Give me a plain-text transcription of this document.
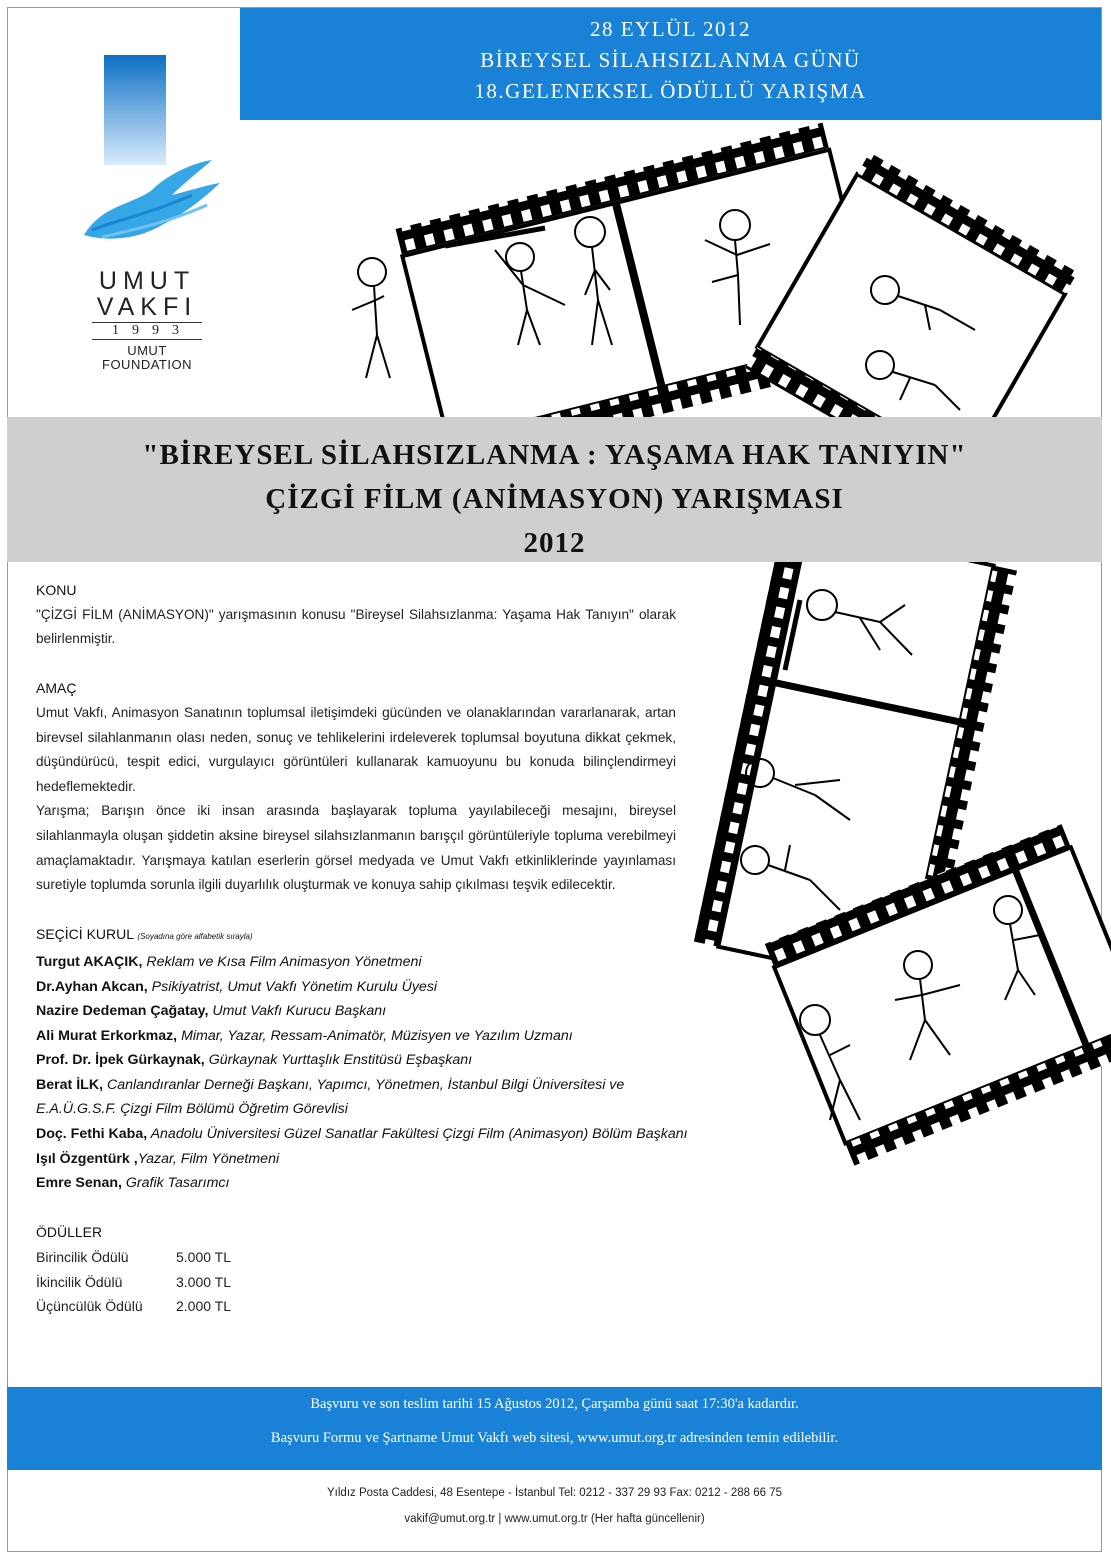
28 EYLÜL 2012
BİREYSEL SİLAHSIZLANMA GÜNÜ
18.GELENEKSEL ÖDÜLLÜ YARIŞMA
UMUT
VAKFI
1993
UMUT
FOUNDATION
"BİREYSEL SİLAHSIZLANMA : YAŞAMA HAK TANIYIN"
ÇİZGİ FİLM (ANİMASYON) YARIŞMASI
2012
KONU
"ÇİZGİ FİLM (ANİMASYON)" yarışmasının konusu "Bireysel Silahsızlanma: Yaşama Hak Tanıyın" olarak belirlenmiştir.
AMAÇ
Umut Vakfı, Animasyon Sanatının toplumsal iletişimdeki gücünden ve olanaklarından vararlanarak, artan birevsel silahlanmanın olası neden, sonuç ve tehlikelerini irdeleverek toplumsal boyutuna dikkat çekmek, düşündürücü, tespit edici, vurgulayıcı görüntüleri kullanarak kamuoyunu bu konuda bilinçlendirmeyi hedeflemektedir.
Yarışma; Barışın önce iki insan arasında başlayarak topluma yayılabileceği mesajını, bireysel silahlanmayla oluşan şiddetin aksine bireysel silahsızlanmanın barışçıl görüntüleriyle topluma verebilmeyi amaçlamaktadır. Yarışmaya katılan eserlerin görsel medyada ve Umut Vakfı etkinliklerinde yayınlaması suretiyle toplumda sorunla ilgili duyarlılık oluşturmak ve konuya sahip çıkılması teşvik edilecektir.
SEÇİCİ KURUL (Soyadına göre alfabetik sırayla)
Turgut AKAÇIK, Reklam ve Kısa Film Animasyon Yönetmeni
Dr.Ayhan Akcan, Psikiyatrist, Umut Vakfı Yönetim Kurulu Üyesi
Nazire Dedeman Çağatay, Umut Vakfı Kurucu Başkanı
Ali Murat Erkorkmaz, Mimar, Yazar, Ressam-Animatör, Müzisyen ve Yazılım Uzmanı
Prof. Dr. İpek Gürkaynak, Gürkaynak Yurttaşlık Enstitüsü Eşbaşkanı
Berat İLK, Canlandıranlar Derneği Başkanı, Yapımcı, Yönetmen, İstanbul Bilgi Üniversitesi ve
E.A.Ü.G.S.F. Çizgi Film Bölümü Öğretim Görevlisi
Doç. Fethi Kaba, Anadolu Üniversitesi Güzel Sanatlar Fakültesi Çizgi Film (Animasyon) Bölüm Başkanı
Işıl Özgentürk ,Yazar, Film Yönetmeni
Emre Senan, Grafik Tasarımcı
ÖDÜLLER
Birincilik Ödülü	5.000 TL
İkincilik Ödülü	3.000 TL
Üçüncülük Ödülü	2.000 TL
Başvuru ve son teslim tarihi 15 Ağustos 2012, Çarşamba günü saat 17:30'a kadardır.
Başvuru Formu ve Şartname Umut Vakfı web sitesi, www.umut.org.tr adresinden temin edilebilir.
Yıldız Posta Caddesi, 48 Esentepe - İstanbul Tel: 0212 - 337 29 93 Fax: 0212 - 288 66 75
vakif@umut.org.tr | www.umut.org.tr (Her hafta güncellenir)
